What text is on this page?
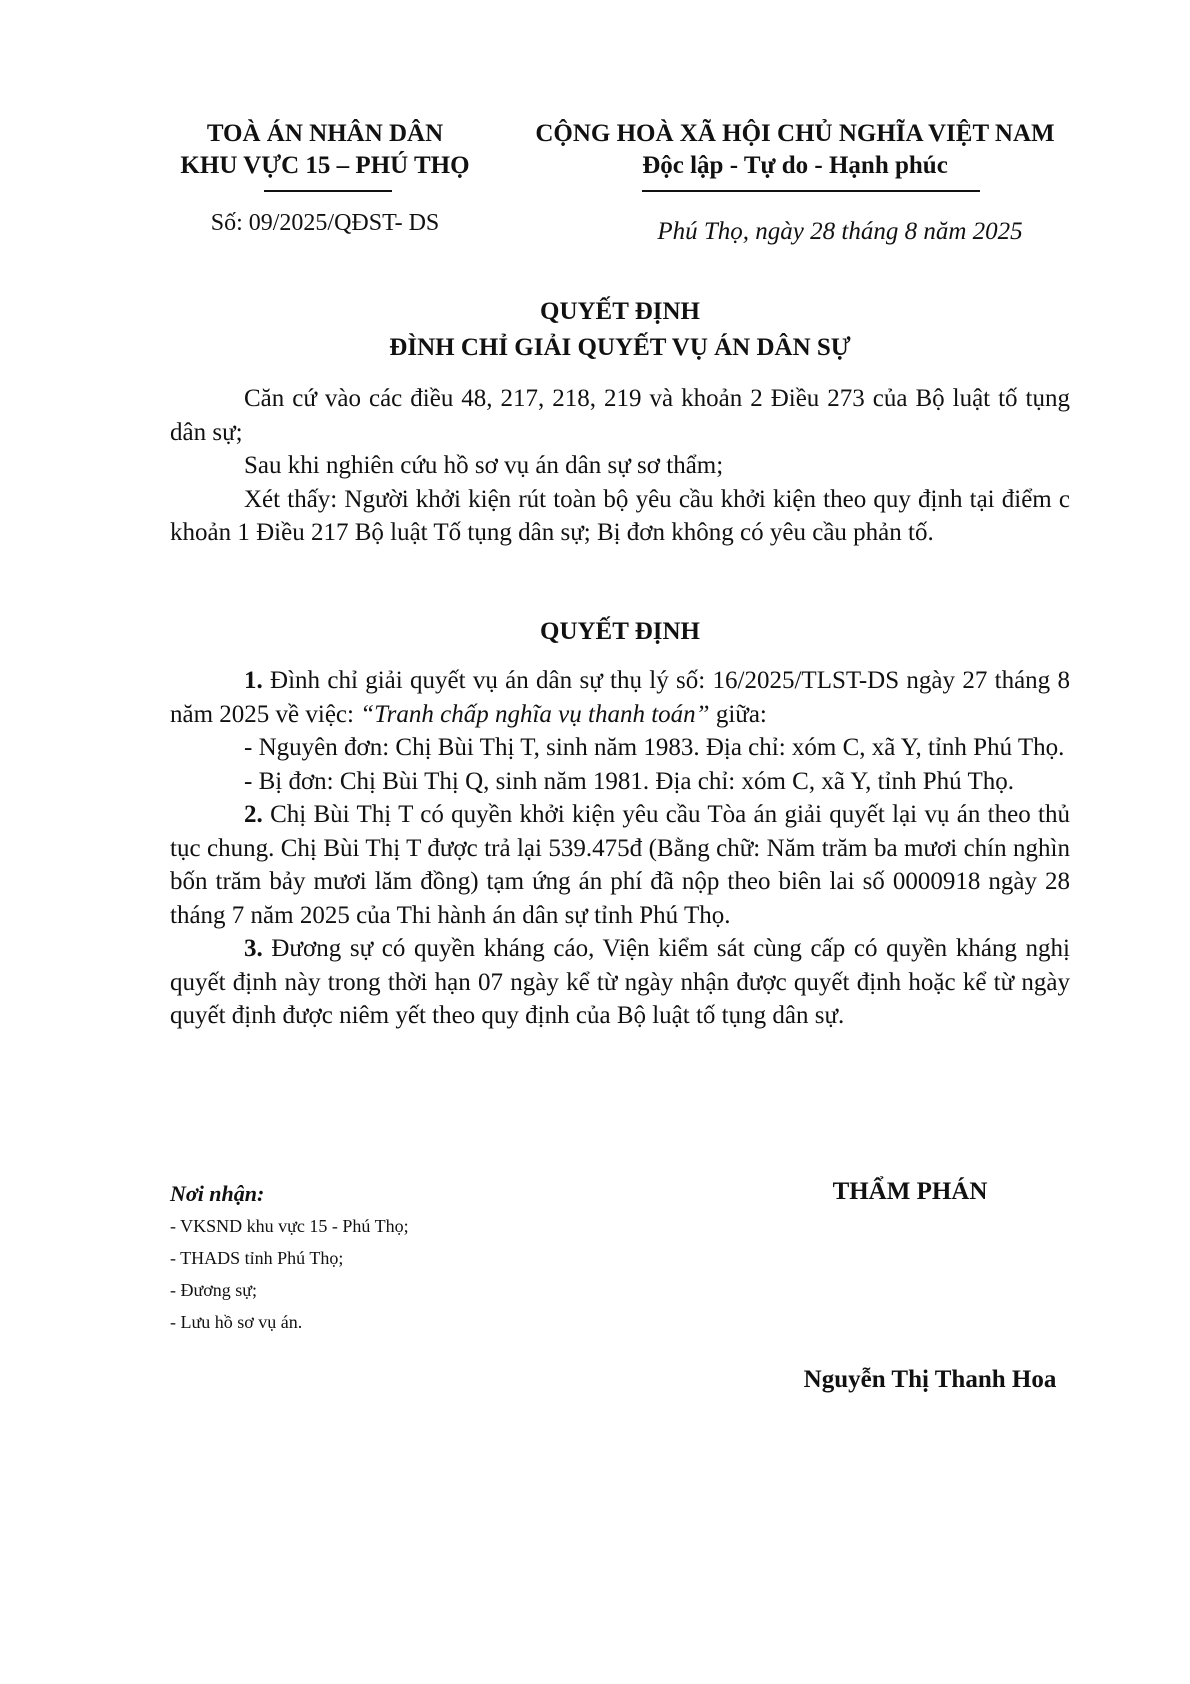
TOÀ ÁN NHÂN DÂN
KHU VỰC 15 – PHÚ THỌ
Số: 09/2025/QĐST- DS
CỘNG HOÀ XÃ HỘI CHỦ NGHĨA VIỆT NAM
Độc lập - Tự do - Hạnh phúc
Phú Thọ, ngày 28 tháng 8 năm 2025
QUYẾT ĐỊNH
ĐÌNH CHỈ GIẢI QUYẾT VỤ ÁN DÂN SỰ

Căn cứ vào các điều 48, 217, 218, 219 và khoản 2 Điều 273 của Bộ luật tố tụng dân sự;

Sau khi nghiên cứu hồ sơ vụ án dân sự sơ thẩm;

Xét thấy: Người khởi kiện rút toàn bộ yêu cầu khởi kiện theo quy định tại điểm c khoản 1 Điều 217 Bộ luật Tố tụng dân sự; Bị đơn không có yêu cầu phản tố.

QUYẾT ĐỊNH

1. Đình chỉ giải quyết vụ án dân sự thụ lý số: 16/2025/TLST-DS ngày 27 tháng 8 năm 2025 về việc: “Tranh chấp nghĩa vụ thanh toán” giữa:

- Nguyên đơn: Chị Bùi Thị T, sinh năm 1983. Địa chỉ: xóm C, xã Y, tỉnh Phú Thọ.

- Bị đơn: Chị Bùi Thị Q, sinh năm 1981. Địa chỉ: xóm C, xã Y, tỉnh Phú Thọ.

2. Chị Bùi Thị T có quyền khởi kiện yêu cầu Tòa án giải quyết lại vụ án theo thủ tục chung. Chị Bùi Thị T được trả lại 539.475đ (Bằng chữ: Năm trăm ba mươi chín nghìn bốn trăm bảy mươi lăm đồng) tạm ứng án phí đã nộp theo biên lai số 0000918 ngày 28 tháng 7 năm 2025 của Thi hành án dân sự tỉnh Phú Thọ.

3. Đương sự có quyền kháng cáo, Viện kiểm sát cùng cấp có quyền kháng nghị quyết định này trong thời hạn 07 ngày kể từ ngày nhận được quyết định hoặc kể từ ngày quyết định được niêm yết theo quy định của Bộ luật tố tụng dân sự.

Nơi nhận:
- VKSND khu vực 15 - Phú Thọ;
- THADS tỉnh Phú Thọ;
- Đương sự;
- Lưu hồ sơ vụ án.
THẨM PHÁN
Nguyễn Thị Thanh Hoa
